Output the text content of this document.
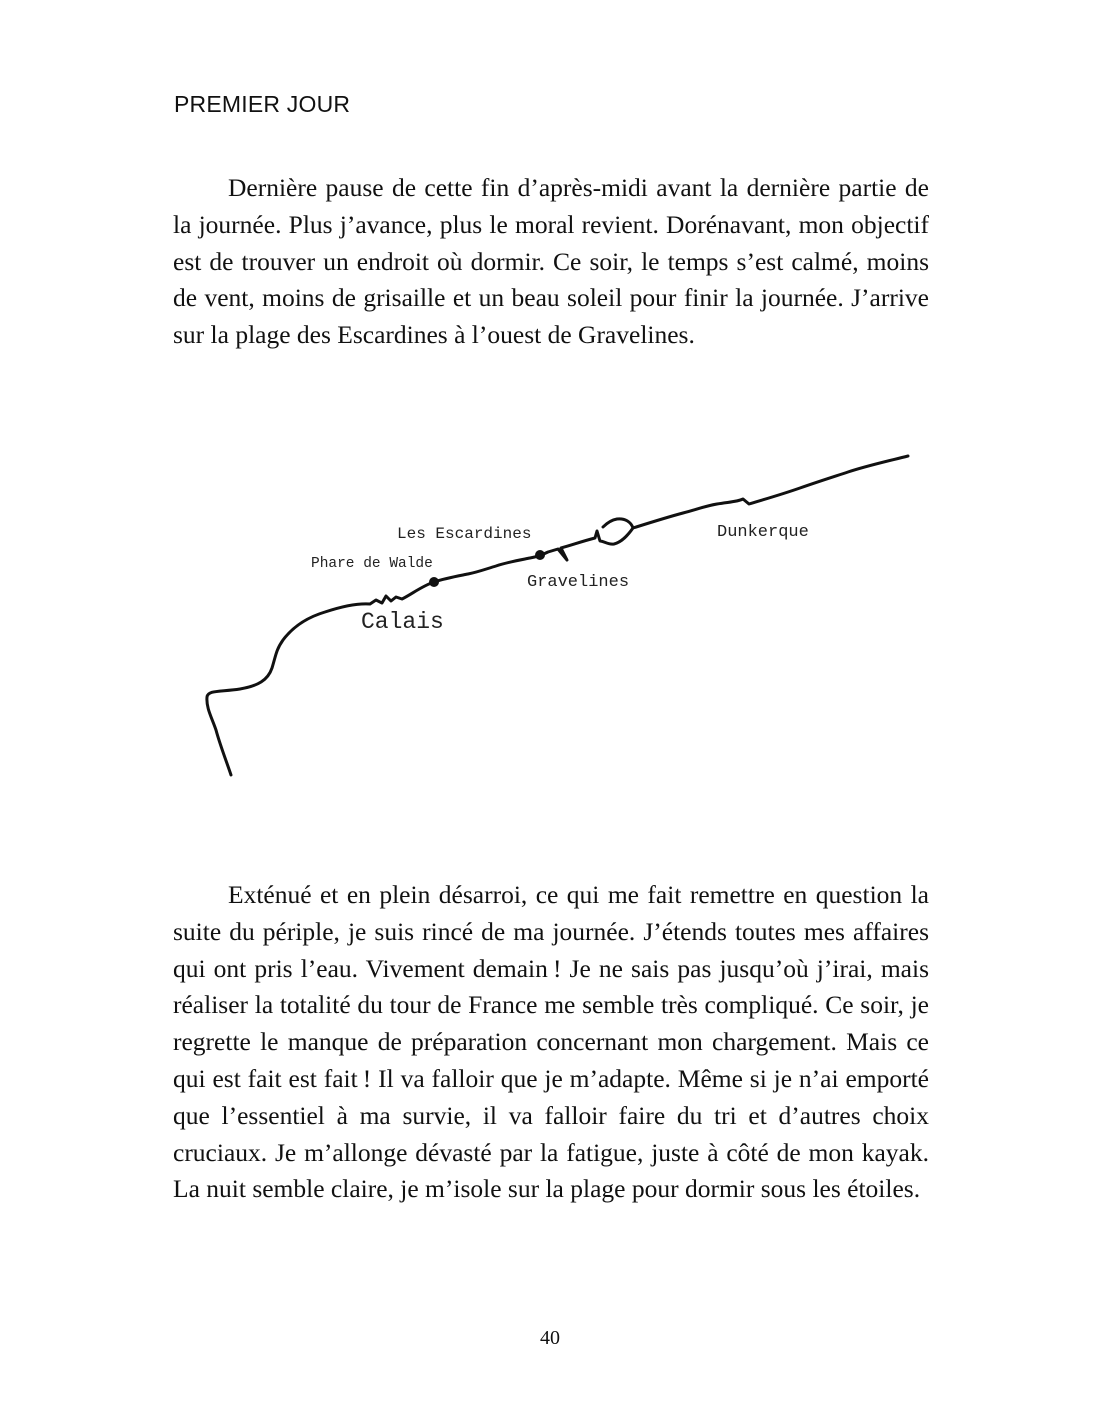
PREMIER JOUR

Dernière pause de cette fin d’après-midi avant la dernière partie de la journée. Plus j’avance, plus le moral revient. Dorénavant, mon objectif est de trouver un endroit où dormir. Ce soir, le temps s’est calmé, moins de vent, moins de grisaille et un beau soleil pour finir la journée. J’arrive sur la plage des Escardines à l’ouest de Gravelines.

Les Escardines
Phare de Walde
Gravelines
Calais
Dunkerque

Exténué et en plein désarroi, ce qui me fait remettre en question la suite du périple, je suis rincé de ma journée. J’étends toutes mes affaires qui ont pris l’eau. Vivement demain ! Je ne sais pas jusqu’où j’irai, mais réaliser la totalité du tour de France me semble très compliqué. Ce soir, je regrette le manque de préparation concernant mon chargement. Mais ce qui est fait est fait ! Il va falloir que je m’adapte. Même si je n’ai emporté que l’essentiel à ma survie, il va falloir faire du tri et d’autres choix cruciaux. Je m’allonge dévasté par la fatigue, juste à côté de mon kayak. La nuit semble claire, je m’isole sur la plage pour dormir sous les étoiles.

40
